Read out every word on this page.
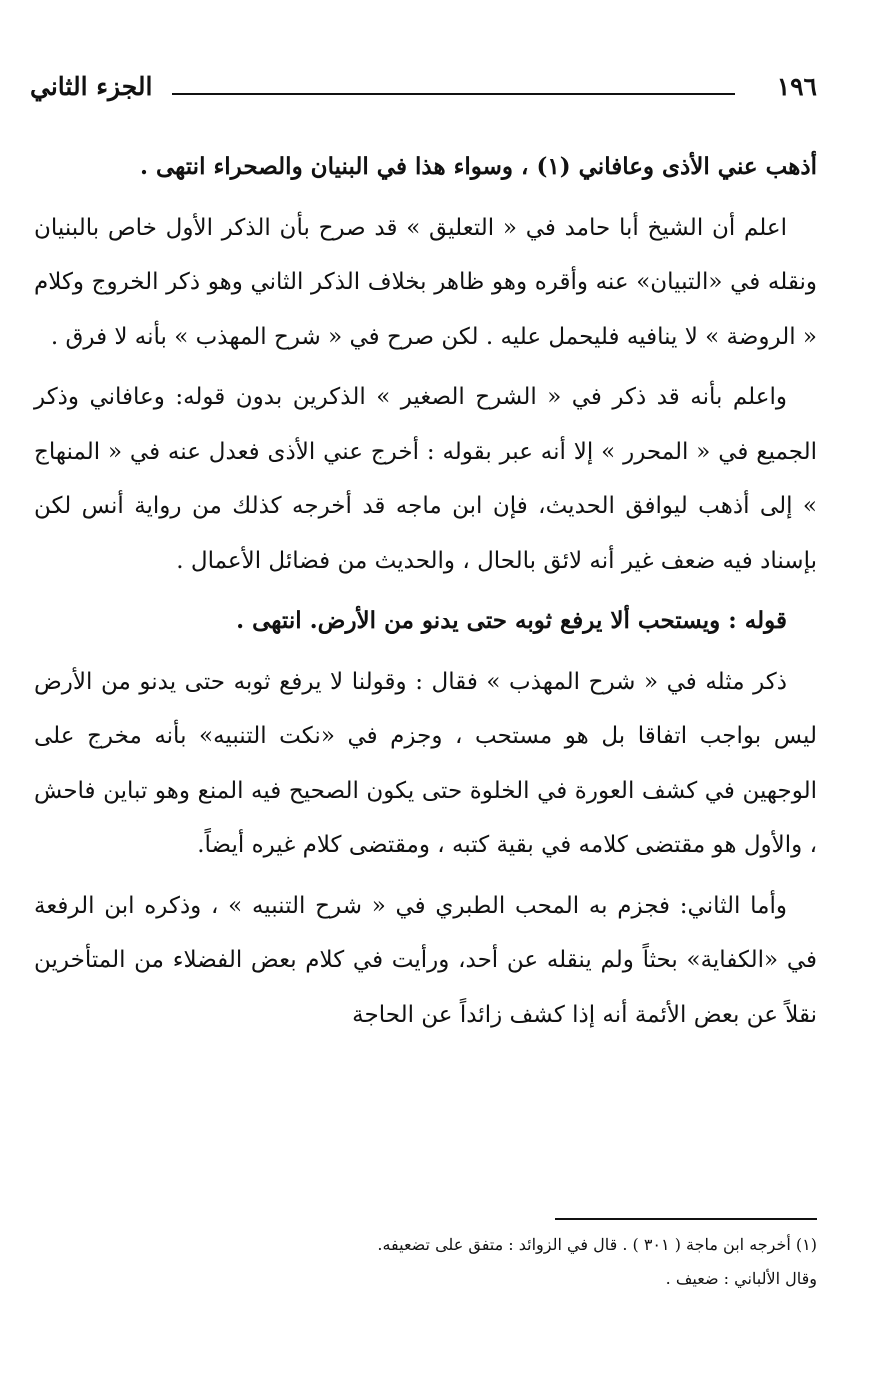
١٩٦
الجزء الثاني

أذهب عني الأذى وعافاني (١) ، وسواء هذا في البنيان والصحراء انتهى .

اعلم أن الشيخ أبا حامد في « التعليق » قد صرح بأن الذكر الأول خاص بالبنيان ونقله في «التبيان» عنه وأقره وهو ظاهر بخلاف الذكر الثاني وهو ذكر الخروج وكلام « الروضة » لا ينافيه فليحمل عليه . لكن صرح في « شرح المهذب » بأنه لا فرق .

واعلم بأنه قد ذكر في « الشرح الصغير » الذكرين بدون قوله: وعافاني وذكر الجميع في « المحرر » إلا أنه عبر بقوله : أخرج عني الأذى فعدل عنه في « المنهاج » إلى أذهب ليوافق الحديث، فإن ابن ماجه قد أخرجه كذلك من رواية أنس لكن بإسناد فيه ضعف غير أنه لائق بالحال ، والحديث من فضائل الأعمال .

قوله : ويستحب ألا يرفع ثوبه حتى يدنو من الأرض. انتهى .

ذكر مثله في « شرح المهذب » فقال : وقولنا لا يرفع ثوبه حتى يدنو من الأرض ليس بواجب اتفاقا بل هو مستحب ، وجزم في «نكت التنبيه» بأنه مخرج على الوجهين في كشف العورة في الخلوة حتى يكون الصحيح فيه المنع وهو تباين فاحش ، والأول هو مقتضى كلامه في بقية كتبه ، ومقتضى كلام غيره أيضاً.

وأما الثاني: فجزم به المحب الطبري في « شرح التنبيه » ، وذكره ابن الرفعة في «الكفاية» بحثاً ولم ينقله عن أحد، ورأيت في كلام بعض الفضلاء من المتأخرين نقلاً عن بعض الأئمة أنه إذا كشف زائداً عن الحاجة

(١) أخرجه ابن ماجة ( ٣٠١ ) . قال في الزوائد : متفق على تضعيفه.

وقال الألباني : ضعيف .
